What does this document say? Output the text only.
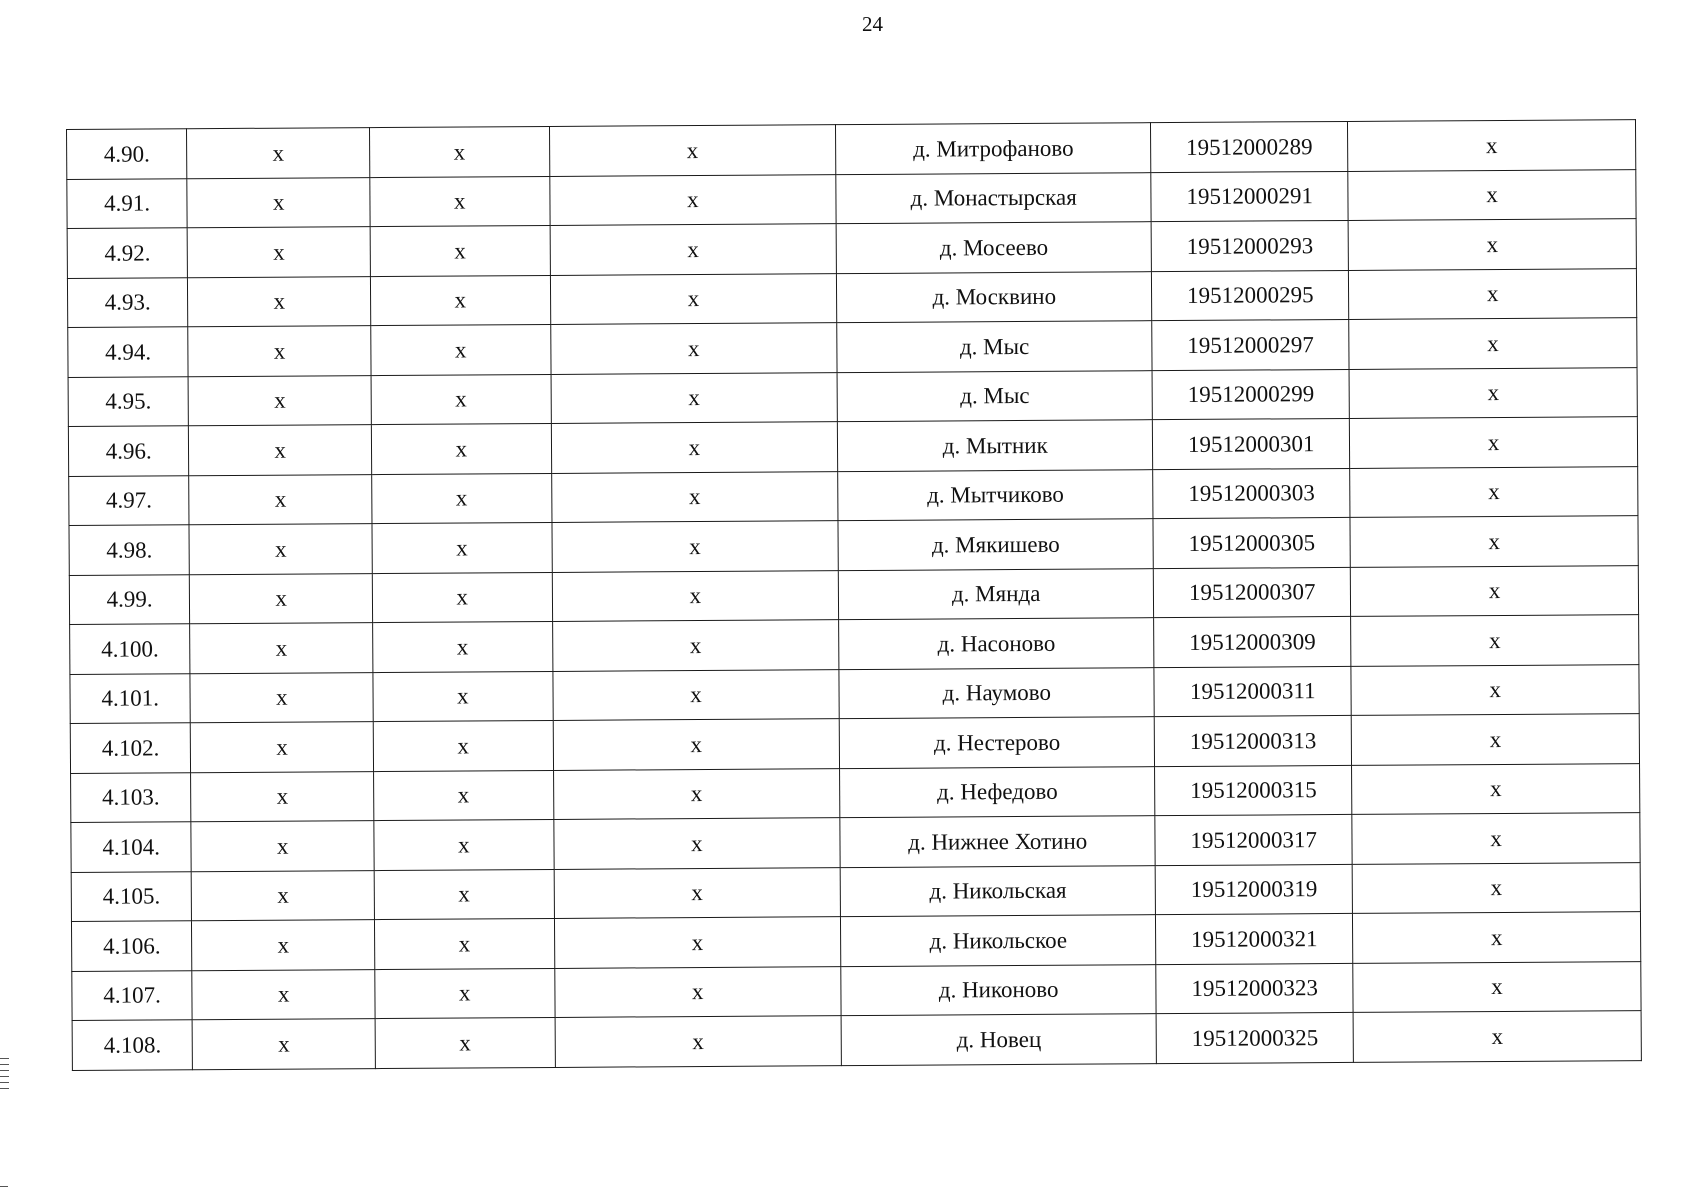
24
4.90.	x	x	x	д. Митрофаново	19512000289	x
4.91.	x	x	x	д. Монастырская	19512000291	x
4.92.	x	x	x	д. Мосеево	19512000293	x
4.93.	x	x	x	д. Москвино	19512000295	x
4.94.	x	x	x	д. Мыс	19512000297	x
4.95.	x	x	x	д. Мыс	19512000299	x
4.96.	x	x	x	д. Мытник	19512000301	x
4.97.	x	x	x	д. Мытчиково	19512000303	x
4.98.	x	x	x	д. Мякишево	19512000305	x
4.99.	x	x	x	д. Мянда	19512000307	x
4.100.	x	x	x	д. Насоново	19512000309	x
4.101.	x	x	x	д. Наумово	19512000311	x
4.102.	x	x	x	д. Нестерово	19512000313	x
4.103.	x	x	x	д. Нефедово	19512000315	x
4.104.	x	x	x	д. Нижнее Хотино	19512000317	x
4.105.	x	x	x	д. Никольская	19512000319	x
4.106.	x	x	x	д. Никольское	19512000321	x
4.107.	x	x	x	д. Никоново	19512000323	x
4.108.	x	x	x	д. Новец	19512000325	x
